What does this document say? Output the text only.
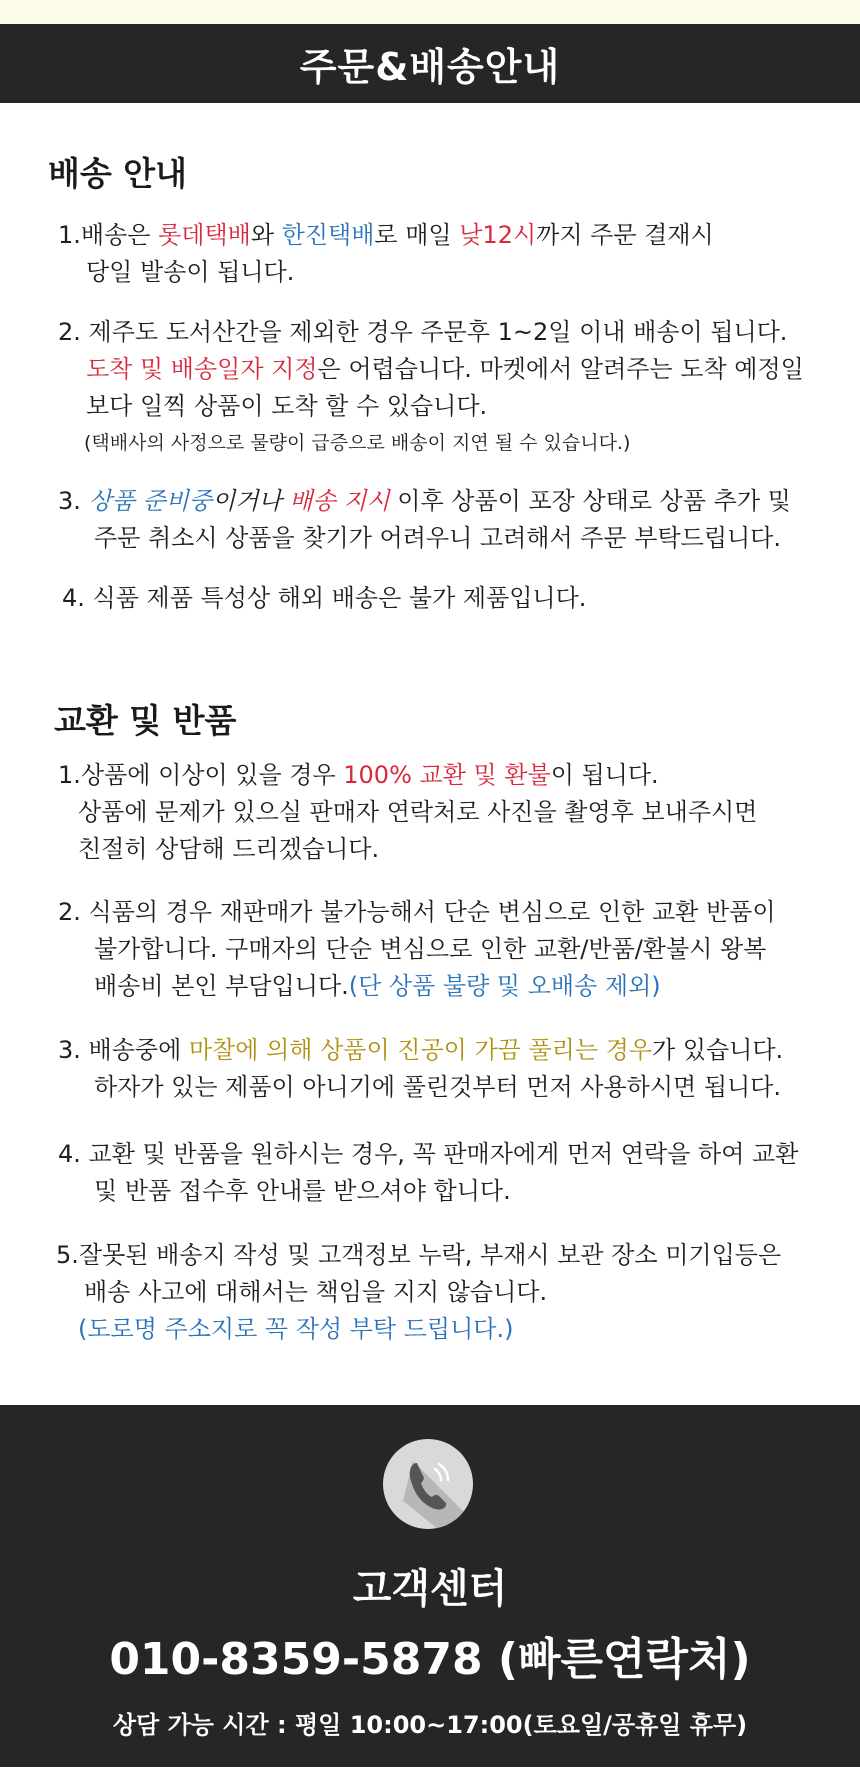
주문&배송안내
배송 안내

1.배송은 롯데택배와 한진택배로 매일 낮12시까지 주문 결재시
당일 발송이 됩니다.

2. 제주도 도서산간을 제외한 경우 주문후 1~2일 이내 배송이 됩니다.
도착 및 배송일자 지정은 어렵습니다. 마켓에서 알려주는 도착 예정일
보다 일찍 상품이 도착 할 수 있습니다.
(택배사의 사정으로 물량이 급증으로 배송이 지연 될 수 있습니다.)

3. 상품 준비중이거나 배송 지시 이후 상품이 포장 상태로 상품 추가 및
주문 취소시 상품을 찾기가 어려우니 고려해서 주문 부탁드립니다.

4. 식품 제품 특성상 해외 배송은 불가 제품입니다.

교환 및 반품

1.상품에 이상이 있을 경우 100% 교환 및 환불이 됩니다.
상품에 문제가 있으실 판매자 연락처로 사진을 촬영후 보내주시면
친절히 상담해 드리겠습니다.

2. 식품의 경우 재판매가 불가능해서 단순 변심으로 인한 교환 반품이
불가합니다. 구매자의 단순 변심으로 인한 교환/반품/환불시 왕복
배송비 본인 부담입니다.(단 상품 불량 및 오배송 제외)

3. 배송중에 마찰에 의해 상품이 진공이 가끔 풀리는 경우가 있습니다.
하자가 있는 제품이 아니기에 풀린것부터 먼저 사용하시면 됩니다.

4. 교환 및 반품을 원하시는 경우, 꼭 판매자에게 먼저 연락을 하여 교환
및 반품 접수후 안내를 받으셔야 합니다.

5.잘못된 배송지 작성 및 고객정보 누락, 부재시 보관 장소 미기입등은
배송 사고에 대해서는 책임을 지지 않습니다.
(도로명 주소지로 꼭 작성 부탁 드립니다.)

고객센터
010-8359-5878 (빠른연락처)
상담 가능 시간 : 평일 10:00~17:00(토요일/공휴일 휴무)
